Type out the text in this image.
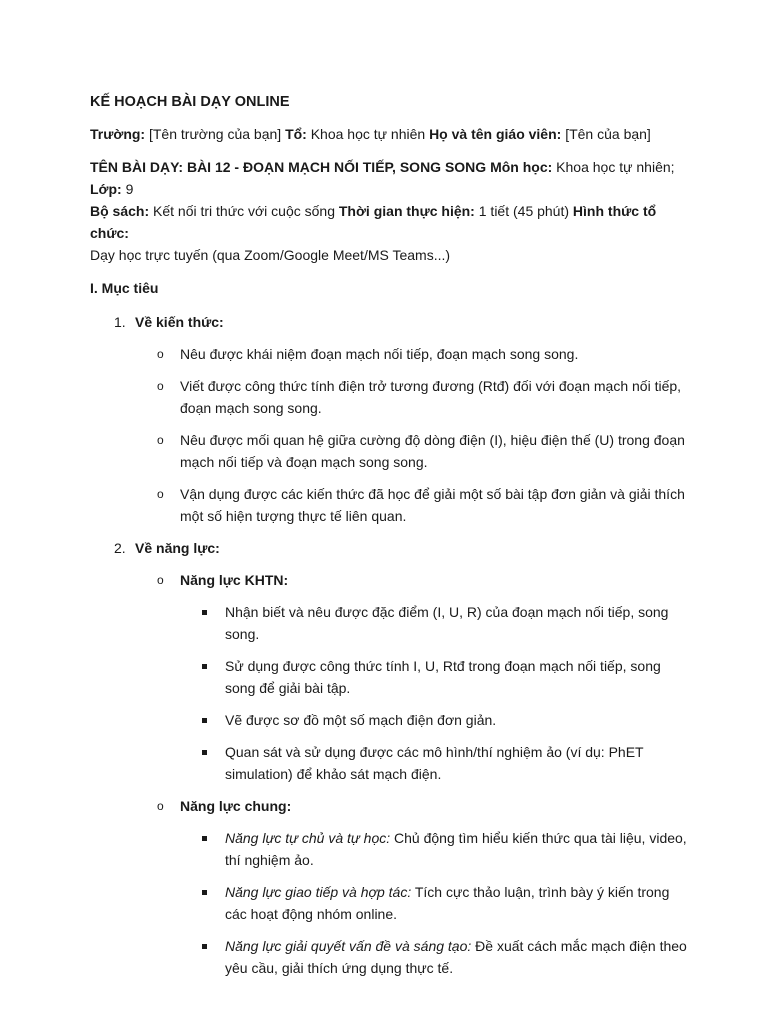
KẾ HOẠCH BÀI DẠY ONLINE

Trường: [Tên trường của bạn] Tổ: Khoa học tự nhiên Họ và tên giáo viên: [Tên của bạn]

TÊN BÀI DẠY: BÀI 12 - ĐOẠN MẠCH NỐI TIẾP, SONG SONG Môn học: Khoa học tự nhiên; Lớp: 9
Bộ sách: Kết nối tri thức với cuộc sống Thời gian thực hiện: 1 tiết (45 phút) Hình thức tổ chức:
Dạy học trực tuyến (qua Zoom/Google Meet/MS Teams...)

I. Mục tiêu
1. Về kiến thức:
o Nêu được khái niệm đoạn mạch nối tiếp, đoạn mạch song song.
o Viết được công thức tính điện trở tương đương (Rtđ) đối với đoạn mạch nối tiếp, đoạn mạch song song.
o Nêu được mối quan hệ giữa cường độ dòng điện (I), hiệu điện thế (U) trong đoạn mạch nối tiếp và đoạn mạch song song.
o Vận dụng được các kiến thức đã học để giải một số bài tập đơn giản và giải thích một số hiện tượng thực tế liên quan.
2. Về năng lực:
o Năng lực KHTN:
Nhận biết và nêu được đặc điểm (I, U, R) của đoạn mạch nối tiếp, song song.
Sử dụng được công thức tính I, U, Rtđ trong đoạn mạch nối tiếp, song song để giải bài tập.
Vẽ được sơ đồ một số mạch điện đơn giản.
Quan sát và sử dụng được các mô hình/thí nghiệm ảo (ví dụ: PhET simulation) để khảo sát mạch điện.
o Năng lực chung:
Năng lực tự chủ và tự học: Chủ động tìm hiểu kiến thức qua tài liệu, video, thí nghiệm ảo.
Năng lực giao tiếp và hợp tác: Tích cực thảo luận, trình bày ý kiến trong các hoạt động nhóm online.
Năng lực giải quyết vấn đề và sáng tạo: Đề xuất cách mắc mạch điện theo yêu cầu, giải thích ứng dụng thực tế.
